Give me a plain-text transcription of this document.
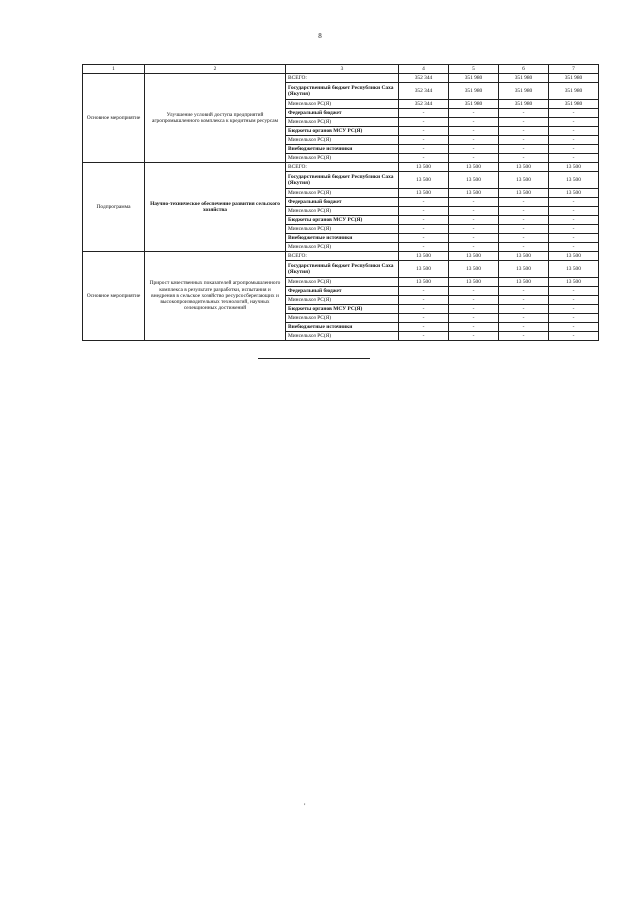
8
1	2	3	4	5	6	7
Основное мероприятие	Улучшение условий доступа предприятий агропромышленного комплекса к кредитным ресурсам	ВСЕГО:	352 344	351 980	351 980	351 980
		Государственный бюджет Республики Саха (Якутия)	352 344	351 980	351 980	351 980
		Минсельхоз РС(Я)	352 344	351 980	351 980	351 980
		Федеральный бюджет	-	-	-	-
		Минсельхоз РС(Я)	-	-	-	-
		Бюджеты органов МСУ РС(Я)	-	-	-	-
		Минсельхоз РС(Я)	-	-	-	-
		Внебюджетные источники	-	-	-	-
		Минсельхоз РС(Я)	-	-	-	-
Подпрограмма	Научно-техническое обеспечение развития сельского хозяйства	ВСЕГО:	13 500	13 500	13 500	13 500
		Государственный бюджет Республики Саха (Якутия)	13 500	13 500	13 500	13 500
		Минсельхоз РС(Я)	13 500	13 500	13 500	13 500
		Федеральный бюджет	-	-	-	-
		Минсельхоз РС(Я)	-	-	-	-
		Бюджеты органов МСУ РС(Я)	-	-	-	-
		Минсельхоз РС(Я)	-	-	-	-
		Внебюджетные источники	-	-	-	-
		Минсельхоз РС(Я)	-	-	-	-
Основное мероприятие	Прирост качественных показателей агропромышленного комплекса в результате разработки, испытания и внедрения в сельское хозяйство ресурсосберегающих и высокопроизводительных технологий, научных селекционных достижений	ВСЕГО:	13 500	13 500	13 500	13 500
		Государственный бюджет Республики Саха (Якутия)	13 500	13 500	13 500	13 500
		Минсельхоз РС(Я)	13 500	13 500	13 500	13 500
		Федеральный бюджет	-	-	-	-
		Минсельхоз РС(Я)	-	-	-	-
		Бюджеты органов МСУ РС(Я)	-	-	-	-
		Минсельхоз РС(Я)	-	-	-	-
		Внебюджетные источники	-	-	-	-
		Минсельхоз РС(Я)	-	-	-	-
,
